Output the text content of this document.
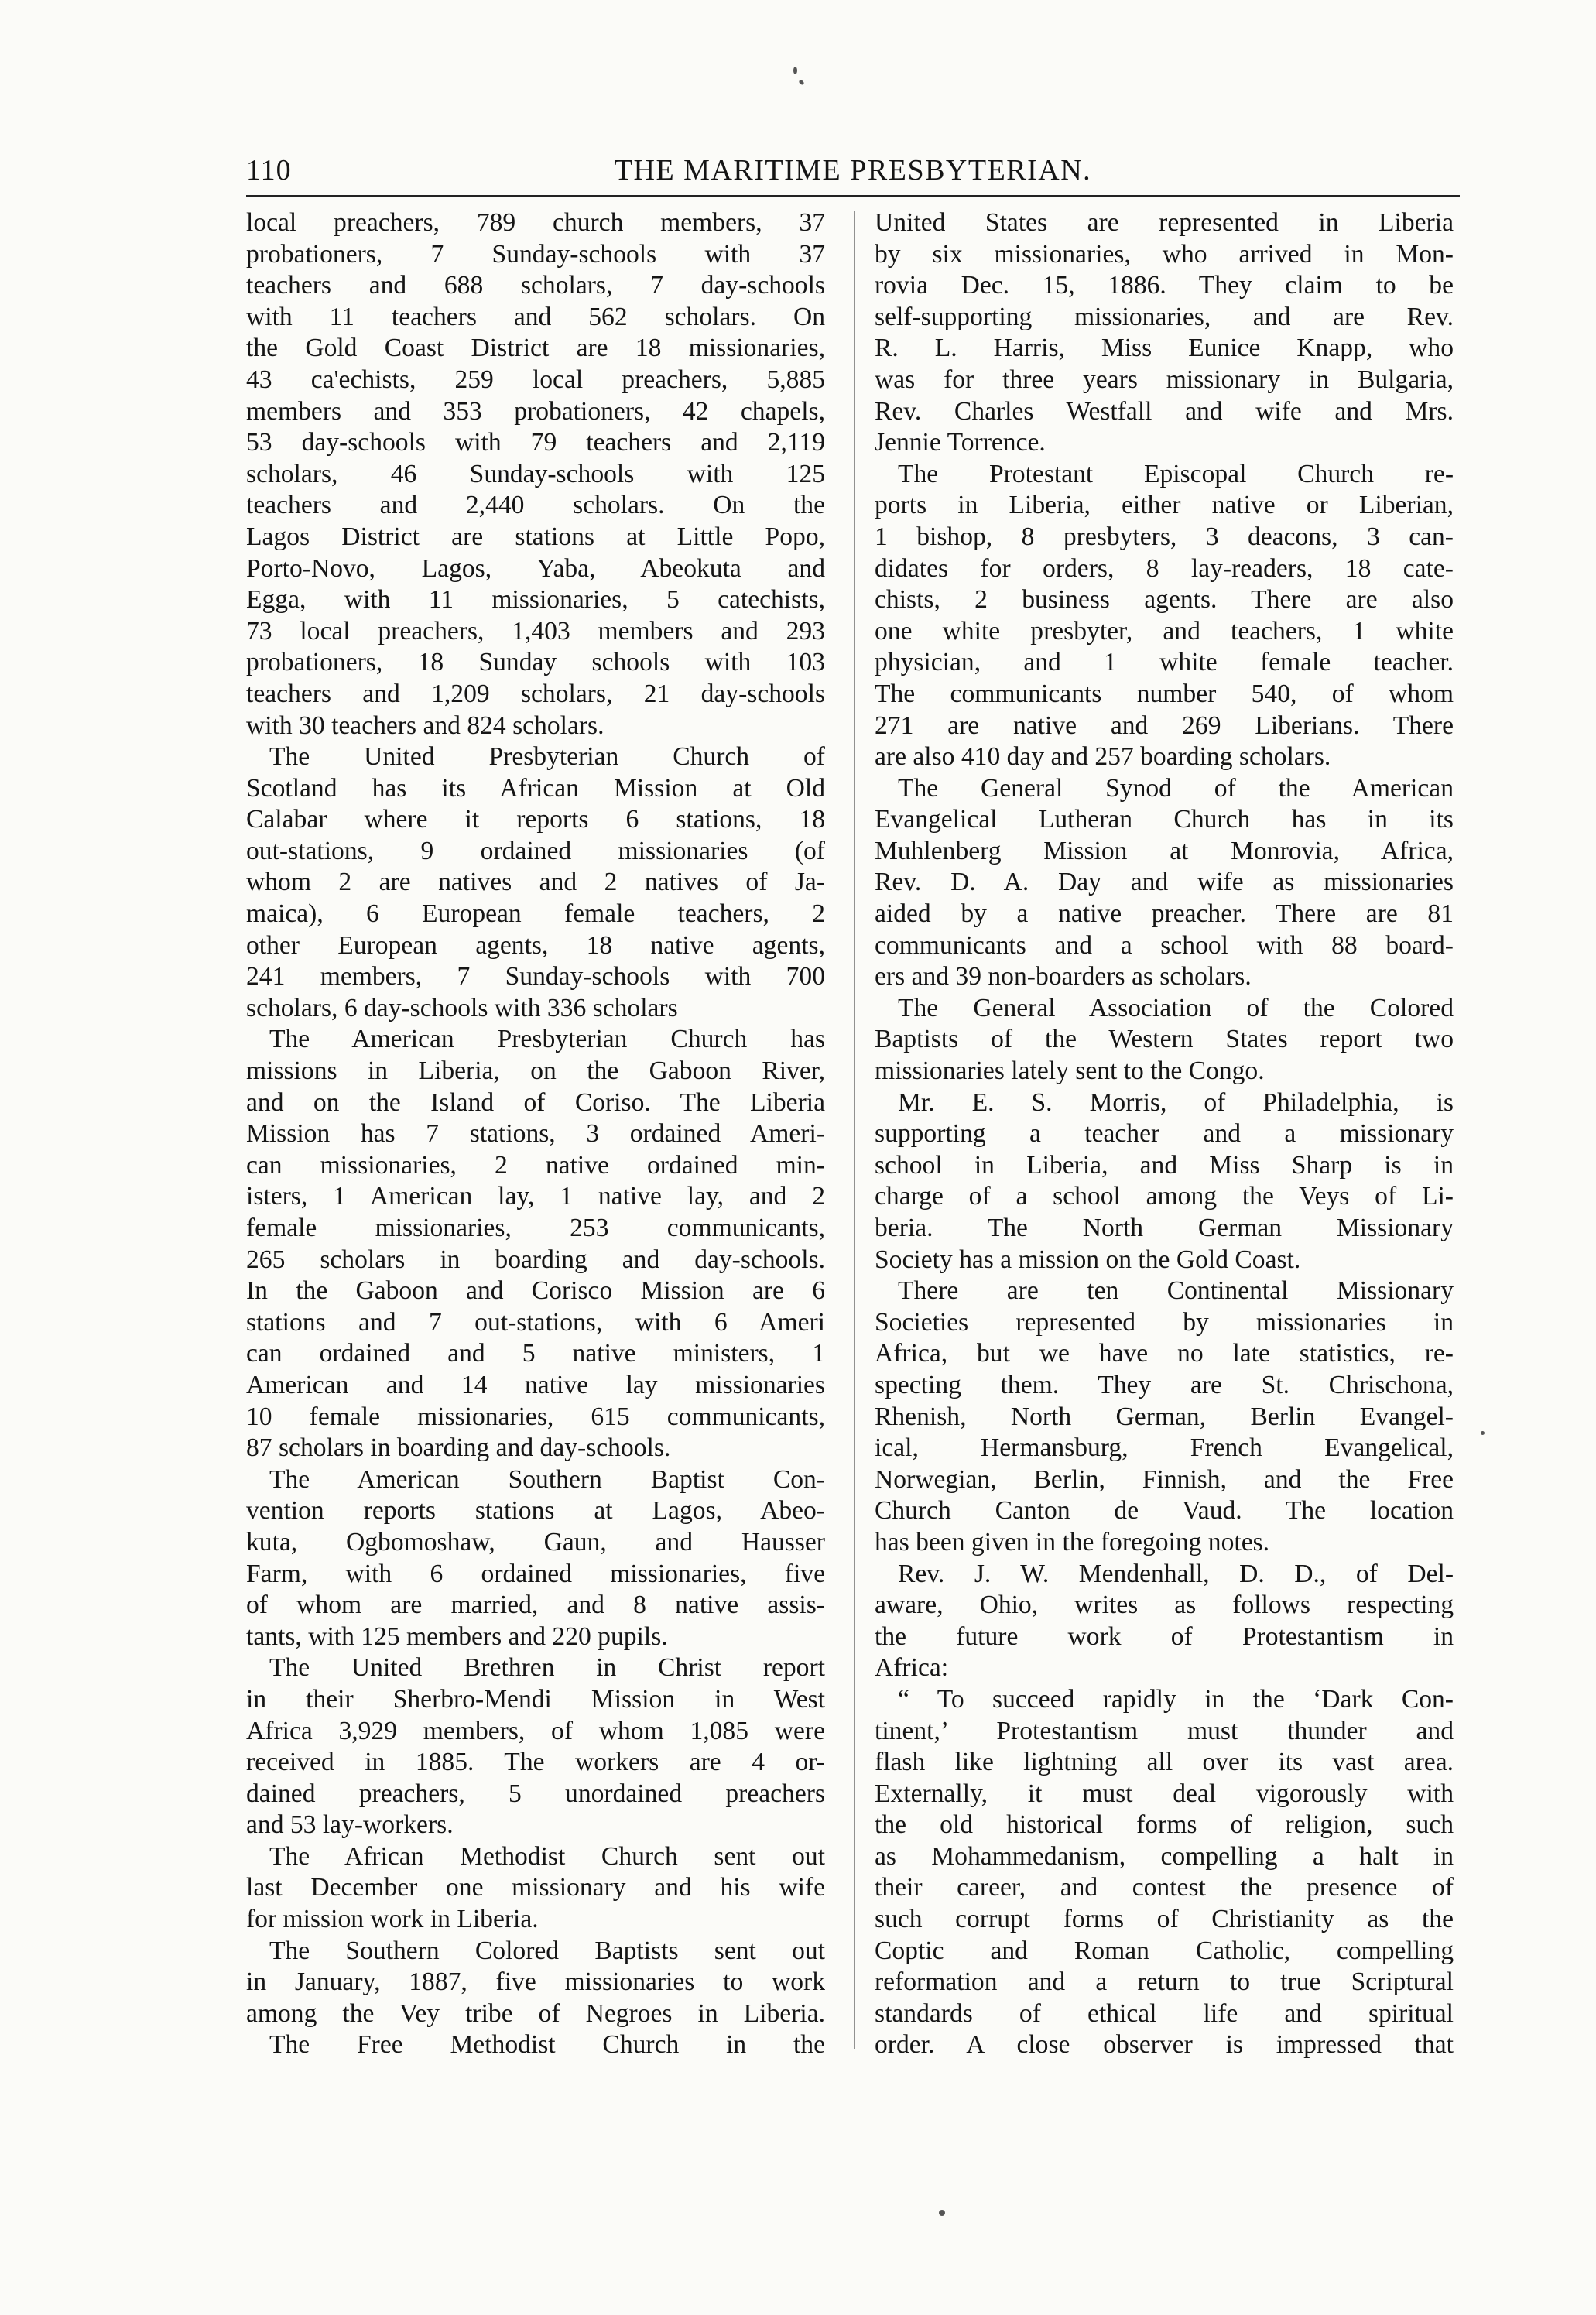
110	THE MARITIME PRESBYTERIAN.
local preachers, 789 church members, 37
probationers, 7 Sunday-schools with 37
teachers and 688 scholars, 7 day-schools
with 11 teachers and 562 scholars. On
the Gold Coast District are 18 missionaries,
43 ca'echists, 259 local preachers, 5,885
members and 353 probationers, 42 chapels,
53 day-schools with 79 teachers and 2,119
scholars, 46 Sunday-schools with 125
teachers and 2,440 scholars. On the
Lagos District are stations at Little Popo,
Porto-Novo, Lagos, Yaba, Abeokuta and
Egga, with 11 missionaries, 5 catechists,
73 local preachers, 1,403 members and 293
probationers, 18 Sunday schools with 103
teachers and 1,209 scholars, 21 day-schools
with 30 teachers and 824 scholars.
The United Presbyterian Church of
Scotland has its African Mission at Old
Calabar where it reports 6 stations, 18
out-stations, 9 ordained missionaries (of
whom 2 are natives and 2 natives of Ja-
maica), 6 European female teachers, 2
other European agents, 18 native agents,
241 members, 7 Sunday-schools with 700
scholars, 6 day-schools with 336 scholars
The American Presbyterian Church has
missions in Liberia, on the Gaboon River,
and on the Island of Coriso. The Liberia
Mission has 7 stations, 3 ordained Ameri-
can missionaries, 2 native ordained min-
isters, 1 American lay, 1 native lay, and 2
female missionaries, 253 communicants,
265 scholars in boarding and day-schools.
In the Gaboon and Corisco Mission are 6
stations and 7 out-stations, with 6 Ameri
can ordained and 5 native ministers, 1
American and 14 native lay missionaries
10 female missionaries, 615 communicants,
87 scholars in boarding and day-schools.
The American Southern Baptist Con-
vention reports stations at Lagos, Abeo-
kuta, Ogbomoshaw, Gaun, and Hausser
Farm, with 6 ordained missionaries, five
of whom are married, and 8 native assis-
tants, with 125 members and 220 pupils.
The United Brethren in Christ report
in their Sherbro-Mendi Mission in West
Africa 3,929 members, of whom 1,085 were
received in 1885. The workers are 4 or-
dained preachers, 5 unordained preachers
and 53 lay-workers.
The African Methodist Church sent out
last December one missionary and his wife
for mission work in Liberia.
The Southern Colored Baptists sent out
in January, 1887, five missionaries to work
among the Vey tribe of Negroes in Liberia.
The Free Methodist Church in the
United States are represented in Liberia
by six missionaries, who arrived in Mon-
rovia Dec. 15, 1886. They claim to be
self-supporting missionaries, and are Rev.
R. L. Harris, Miss Eunice Knapp, who
was for three years missionary in Bulgaria,
Rev. Charles Westfall and wife and Mrs.
Jennie Torrence.
The Protestant Episcopal Church re-
ports in Liberia, either native or Liberian,
1 bishop, 8 presbyters, 3 deacons, 3 can-
didates for orders, 8 lay-readers, 18 cate-
chists, 2 business agents. There are also
one white presbyter, and teachers, 1 white
physician, and 1 white female teacher.
The communicants number 540, of whom
271 are native and 269 Liberians. There
are also 410 day and 257 boarding scholars.
The General Synod of the American
Evangelical Lutheran Church has in its
Muhlenberg Mission at Monrovia, Africa,
Rev. D. A. Day and wife as missionaries
aided by a native preacher. There are 81
communicants and a school with 88 board-
ers and 39 non-boarders as scholars.
The General Association of the Colored
Baptists of the Western States report two
missionaries lately sent to the Congo.
Mr. E. S. Morris, of Philadelphia, is
supporting a teacher and a missionary
school in Liberia, and Miss Sharp is in
charge of a school among the Veys of Li-
beria. The North German Missionary
Society has a mission on the Gold Coast.
There are ten Continental Missionary
Societies represented by missionaries in
Africa, but we have no late statistics, re-
specting them. They are St. Chrischona,
Rhenish, North German, Berlin Evangel-
ical, Hermansburg, French Evangelical,
Norwegian, Berlin, Finnish, and the Free
Church Canton de Vaud. The location
has been given in the foregoing notes.
Rev. J. W. Mendenhall, D. D., of Del-
aware, Ohio, writes as follows respecting
the future work of Protestantism in
Africa:
“ To succeed rapidly in the ‘Dark Con-
tinent,’ Protestantism must thunder and
flash like lightning all over its vast area.
Externally, it must deal vigorously with
the old historical forms of religion, such
as Mohammedanism, compelling a halt in
their career, and contest the presence of
such corrupt forms of Christianity as the
Coptic and Roman Catholic, compelling
reformation and a return to true Scriptural
standards of ethical life and spiritual
order. A close observer is impressed that
